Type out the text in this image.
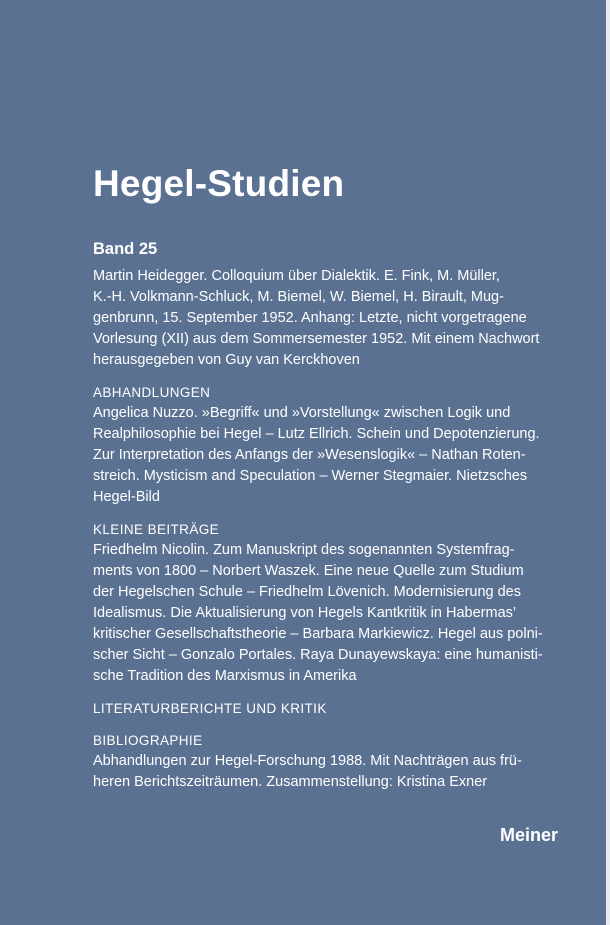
Hegel-Studien
Band 25
Martin Heidegger. Colloquium über Dialektik. E. Fink, M. Müller,
K.-H. Volkmann-Schluck, M. Biemel, W. Biemel, H. Birault, Mug-
genbrunn, 15. September 1952. Anhang: Letzte, nicht vorgetragene
Vorlesung (XII) aus dem Sommersemester 1952. Mit einem Nachwort
herausgegeben von Guy van Kerckhoven
ABHANDLUNGEN
Angelica Nuzzo. »Begriff« und »Vorstellung« zwischen Logik und
Realphilosophie bei Hegel – Lutz Ellrich. Schein und Depotenzierung.
Zur Interpretation des Anfangs der »Wesenslogik« – Nathan Roten-
streich. Mysticism and Speculation – Werner Stegmaier. Nietzsches
Hegel-Bild
KLEINE BEITRÄGE
Friedhelm Nicolin. Zum Manuskript des sogenannten Systemfrag-
ments von 1800 – Norbert Waszek. Eine neue Quelle zum Studium
der Hegelschen Schule – Friedhelm Lövenich. Modernisierung des
Idealismus. Die Aktualisierung von Hegels Kantkritik in Habermas’
kritischer Gesellschaftstheorie – Barbara Markiewicz. Hegel aus polni-
scher Sicht – Gonzalo Portales. Raya Dunayewskaya: eine humanisti-
sche Tradition des Marxismus in Amerika
LITERATURBERICHTE UND KRITIK
BIBLIOGRAPHIE
Abhandlungen zur Hegel-Forschung 1988. Mit Nachträgen aus frü-
heren Berichtszeiträumen. Zusammenstellung: Kristina Exner
Meiner
